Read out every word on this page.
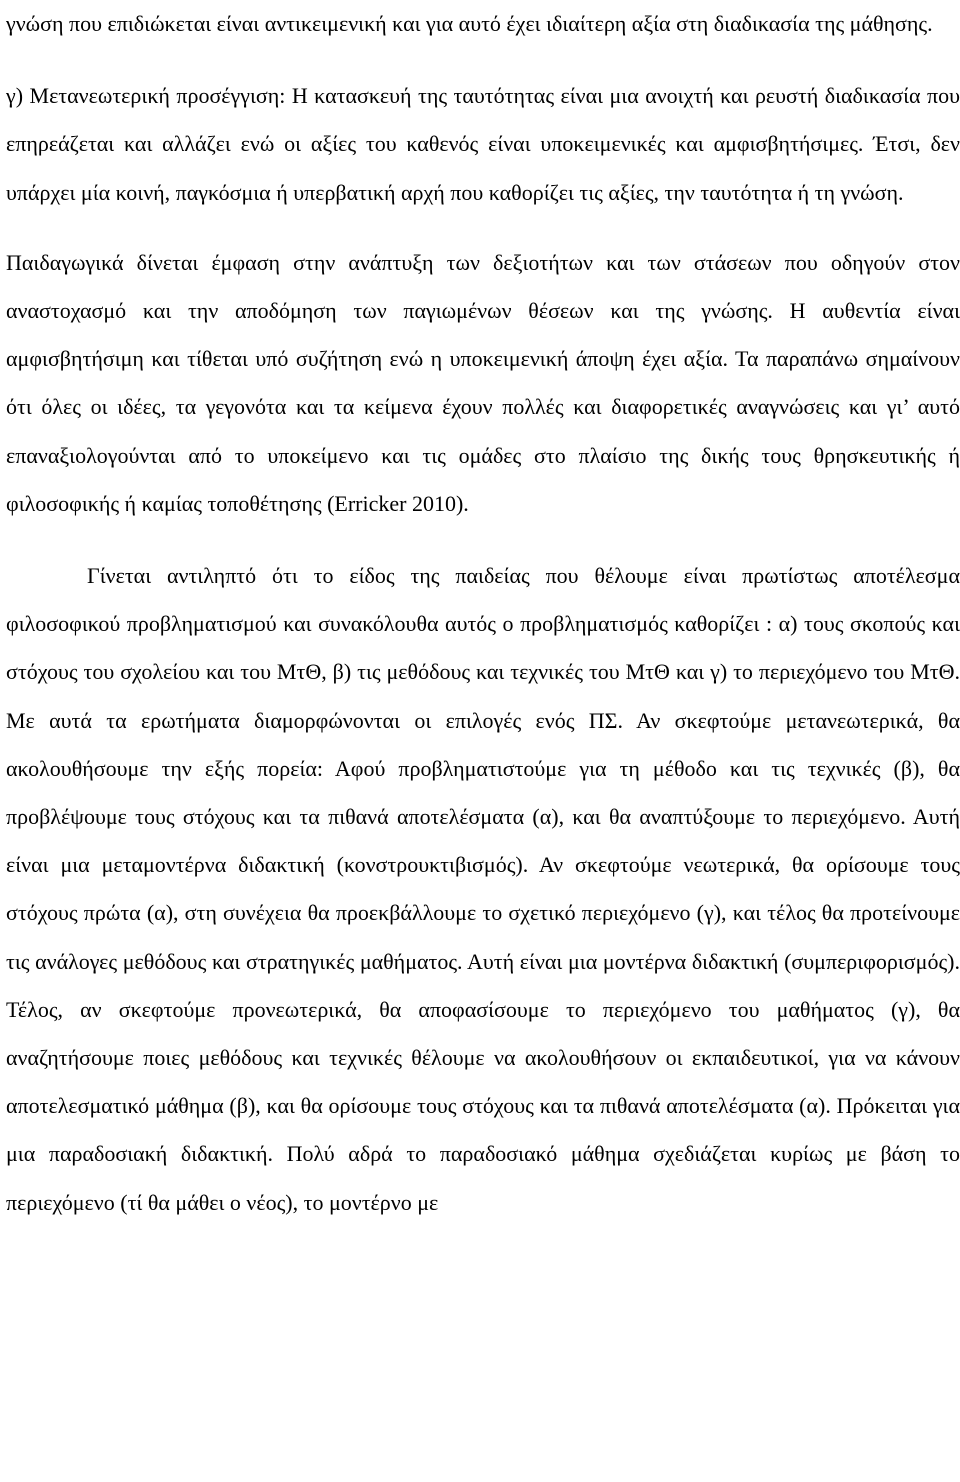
γνώση που επιδιώκεται είναι αντικειμενική και για αυτό έχει ιδιαίτερη αξία στη διαδικασία της μάθησης.

γ) Μετανεωτερική προσέγγιση: Η κατασκευή της ταυτότητας είναι μια ανοιχτή και ρευστή διαδικασία που επηρεάζεται και αλλάζει ενώ οι αξίες του καθενός είναι υποκειμενικές και αμφισβητήσιμες. Έτσι, δεν υπάρχει μία κοινή, παγκόσμια ή υπερβατική αρχή που καθορίζει τις αξίες, την ταυτότητα ή τη γνώση.

Παιδαγωγικά δίνεται έμφαση στην ανάπτυξη των δεξιοτήτων και των στάσεων που οδηγούν στον αναστοχασμό και την αποδόμηση των παγιωμένων θέσεων και της γνώσης. Η αυθεντία είναι αμφισβητήσιμη και τίθεται υπό συζήτηση ενώ η υποκειμενική άποψη έχει αξία. Τα παραπάνω σημαίνουν ότι όλες οι ιδέες, τα γεγονότα και τα κείμενα έχουν πολλές και διαφορετικές αναγνώσεις και γι’ αυτό επαναξιολογούνται από το υποκείμενο και τις ομάδες στο πλαίσιο της δικής τους θρησκευτικής ή φιλοσοφικής ή καμίας τοποθέτησης (Erricker 2010).

Γίνεται αντιληπτό ότι το είδος της παιδείας που θέλουμε είναι πρωτίστως αποτέλεσμα φιλοσοφικού προβληματισμού και συνακόλουθα αυτός ο προβληματισμός καθορίζει : α) τους σκοπούς και στόχους του σχολείου και του ΜτΘ, β) τις μεθόδους και τεχνικές του ΜτΘ και γ) το περιεχόμενο του ΜτΘ. Με αυτά τα ερωτήματα διαμορφώνονται οι επιλογές ενός ΠΣ. Αν σκεφτούμε μετανεωτερικά, θα ακολουθήσουμε την εξής πορεία: Αφού προβληματιστούμε για τη μέθοδο και τις τεχνικές (β), θα προβλέψουμε τους στόχους και τα πιθανά αποτελέσματα (α), και θα αναπτύξουμε το περιεχόμενο. Αυτή είναι μια μεταμοντέρνα διδακτική (κονστρουκτιβισμός). Αν σκεφτούμε νεωτερικά, θα ορίσουμε τους στόχους πρώτα (α), στη συνέχεια θα προεκβάλλουμε το σχετικό περιεχόμενο (γ), και τέλος θα προτείνουμε τις ανάλογες μεθόδους και στρατηγικές μαθήματος. Αυτή είναι μια μοντέρνα διδακτική (συμπεριφορισμός). Τέλος, αν σκεφτούμε προνεωτερικά, θα αποφασίσουμε το περιεχόμενο του μαθήματος (γ), θα αναζητήσουμε ποιες μεθόδους και τεχνικές θέλουμε να ακολουθήσουν οι εκπαιδευτικοί, για να κάνουν αποτελεσματικό μάθημα (β), και θα ορίσουμε τους στόχους και τα πιθανά αποτελέσματα (α). Πρόκειται για μια παραδοσιακή διδακτική. Πολύ αδρά το παραδοσιακό μάθημα σχεδιάζεται κυρίως με βάση το περιεχόμενο (τί θα μάθει ο νέος), το μοντέρνο με
